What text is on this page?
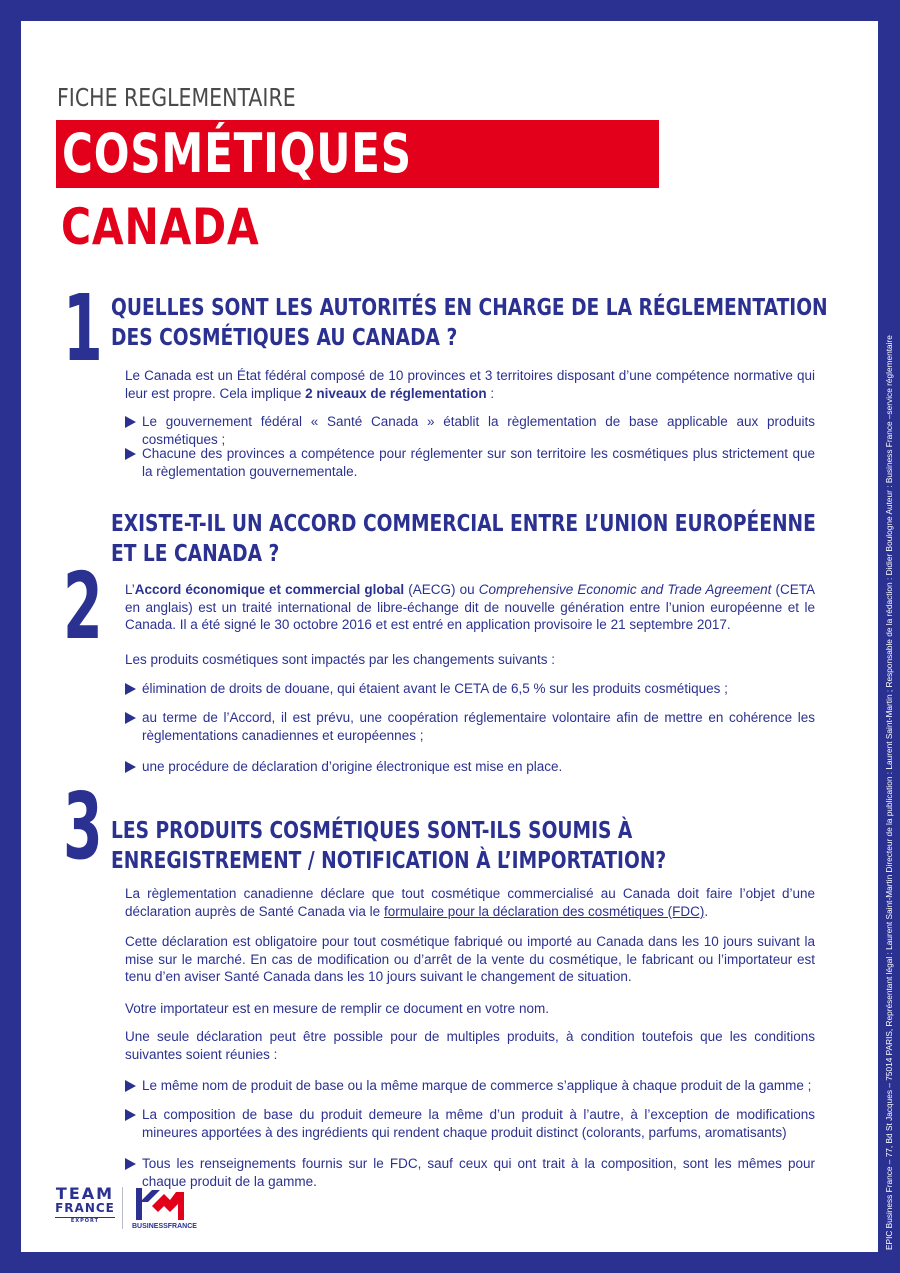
FICHE REGLEMENTAIRE
COSMÉTIQUES
CANADA
1 QUELLES SONT LES AUTORITÉS EN CHARGE DE LA RÉGLEMENTATION
DES COSMÉTIQUES AU CANADA ?

Le Canada est un État fédéral composé de 10 provinces et 3 territoires disposant d’une compétence normative qui leur est propre. Cela implique 2 niveaux de réglementation :

Le gouvernement fédéral « Santé Canada » établit la règlementation de base applicable aux produits cosmétiques ;

Chacune des provinces a compétence pour réglementer sur son territoire les cosmétiques plus strictement que la règlementation gouvernementale.

EXISTE-T-IL UN ACCORD COMMERCIAL ENTRE L’UNION EUROPÉENNE
ET LE CANADA ?
2 L’Accord économique et commercial global (AECG) ou Comprehensive Economic and Trade Agreement (CETA en anglais) est un traité international de libre-échange dit de nouvelle génération entre l’union européenne et le Canada. Il a été signé le 30 octobre 2016 et est entré en application provisoire le 21 septembre 2017.

Les produits cosmétiques sont impactés par les changements suivants :

élimination de droits de douane, qui étaient avant le CETA de 6,5 % sur les produits cosmétiques ;

au terme de l’Accord, il est prévu, une coopération réglementaire volontaire afin de mettre en cohérence les règlementations canadiennes et européennes ;

une procédure de déclaration d’origine électronique est mise en place.

3 LES PRODUITS COSMÉTIQUES SONT-ILS SOUMIS À
ENREGISTREMENT / NOTIFICATION À L’IMPORTATION?

La règlementation canadienne déclare que tout cosmétique commercialisé au Canada doit faire l’objet d’une déclaration auprès de Santé Canada via le formulaire pour la déclaration des cosmétiques (FDC).

Cette déclaration est obligatoire pour tout cosmétique fabriqué ou importé au Canada dans les 10 jours suivant la mise sur le marché. En cas de modification ou d’arrêt de la vente du cosmétique, le fabricant ou l’importateur est tenu d’en aviser Santé Canada dans les 10 jours suivant le changement de situation.

Votre importateur est en mesure de remplir ce document en votre nom.

Une seule déclaration peut être possible pour de multiples produits, à condition toutefois que les conditions suivantes soient réunies :

Le même nom de produit de base ou la même marque de commerce s’applique à chaque produit de la gamme ;

La composition de base du produit demeure la même d’un produit à l’autre, à l’exception de modifications mineures apportées à des ingrédients qui rendent chaque produit distinct (colorants, parfums, aromatisants)

Tous les renseignements fournis sur le FDC, sauf ceux qui ont trait à la composition, sont les mêmes pour chaque produit de la gamme.

TEAM
FRANCE
EXPORT
BUSINESSFRANCE	EPIC Business France – 77, Bd St Jacques – 75014 PARIS, Représentant légal : Laurent Saint-Martin Directeur de la publication : Laurent Saint-Martin ; Responsable de la rédaction : Didier Boulogne Auteur : Business France –service réglementaire
